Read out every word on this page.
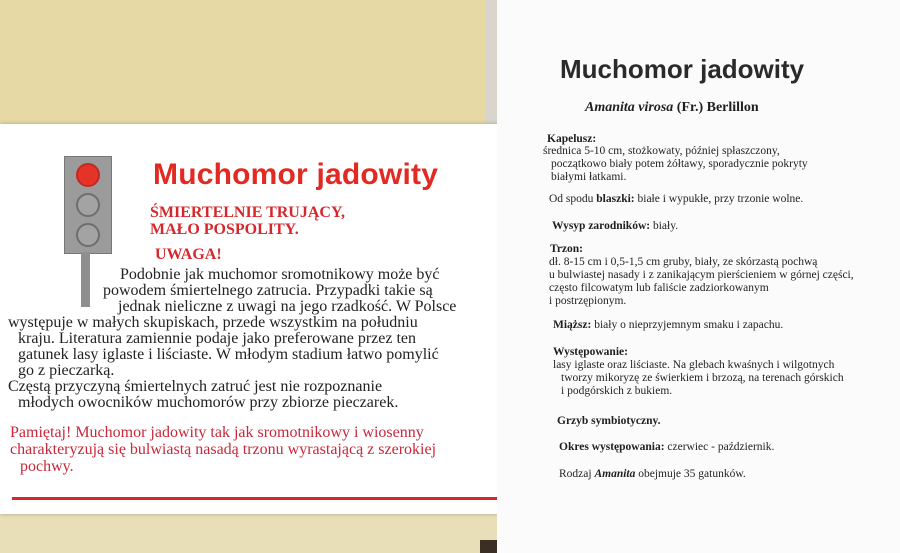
Muchomor jadowity
ŚMIERTELNIE TRUJĄCY,
MAŁO POSPOLITY.
UWAGA!
Podobnie jak muchomor sromotnikowy może być
powodem śmiertelnego zatrucia. Przypadki takie są
jednak nieliczne z uwagi na jego rzadkość. W Polsce
występuje w małych skupiskach, przede wszystkim na południu
kraju. Literatura zamiennie podaje jako preferowane przez ten
gatunek lasy iglaste i liściaste. W młodym stadium łatwo pomylić
go z pieczarką.
Częstą przyczyną śmiertelnych zatruć jest nie rozpoznanie
młodych owocników muchomorów przy zbiorze pieczarek.
Pamiętaj! Muchomor jadowity tak jak sromotnikowy i wiosenny
charakteryzują się bulwiastą nasadą trzonu wyrastającą z szerokiej
pochwy.
Muchomor jadowity
Amanita virosa (Fr.) Berlillon
Kapelusz:
średnica 5-10 cm, stożkowaty, później spłaszczony,
początkowo biały potem żółtawy, sporadycznie pokryty
białymi łatkami.
Od spodu blaszki: białe i wypukłe, przy trzonie wolne.
Wysyp zarodników: biały.
Trzon:
dł. 8-15 cm i 0,5-1,5 cm gruby, biały, ze skórzastą pochwą
u bulwiastej nasady i z zanikającym pierścieniem w górnej części,
często filcowatym lub faliście zadziorkowanym
i postrzępionym.
Miąższ: biały o nieprzyjemnym smaku i zapachu.
Występowanie:
lasy iglaste oraz liściaste. Na glebach kwaśnych i wilgotnych
tworzy mikoryzę ze świerkiem i brzozą, na terenach górskich
i podgórskich z bukiem.
Grzyb symbiotyczny.
Okres występowania: czerwiec - październik.
Rodzaj Amanita obejmuje 35 gatunków.
